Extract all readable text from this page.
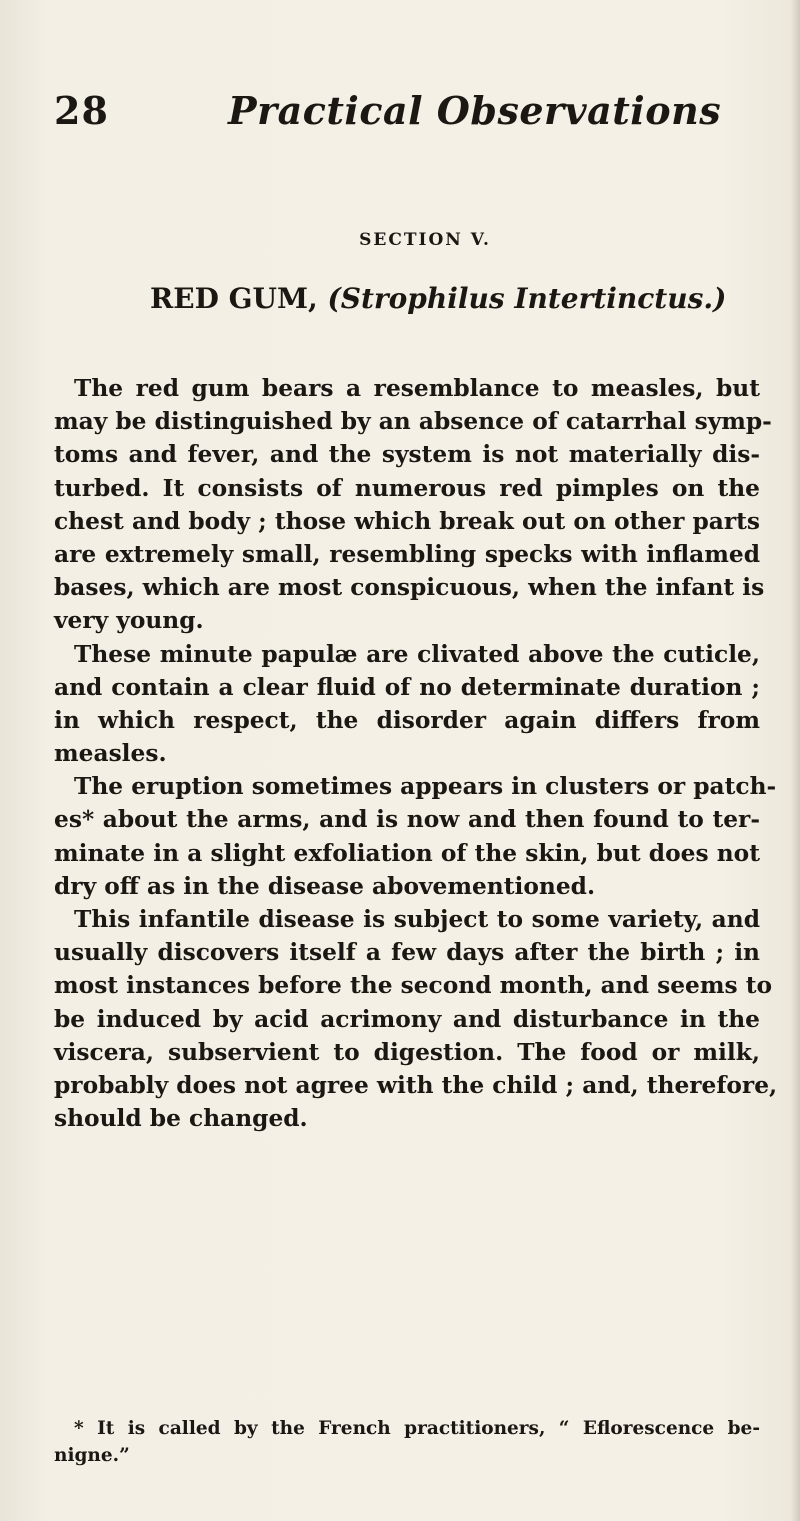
28	Practical Observations
SECTION V.
RED GUM, (Strophilus Intertinctus.)
The red gum bears a resemblance to measles, but
may be distinguished by an absence of catarrhal symp-
toms and fever, and the system is not materially dis-
turbed. It consists of numerous red pimples on the
chest and body ; those which break out on other parts
are extremely small, resembling specks with inflamed
bases, which are most conspicuous, when the infant is
very young.
These minute papulæ are clivated above the cuticle,
and contain a clear fluid of no determinate duration ;
in which respect, the disorder again differs from
measles.
The eruption sometimes appears in clusters or patch-
es* about the arms, and is now and then found to ter-
minate in a slight exfoliation of the skin, but does not
dry off as in the disease abovementioned.
This infantile disease is subject to some variety, and
usually discovers itself a few days after the birth ; in
most instances before the second month, and seems to
be induced by acid acrimony and disturbance in the
viscera, subservient to digestion. The food or milk,
probably does not agree with the child ; and, therefore,
should be changed.
* It is called by the French practitioners, “ Eflorescence be-
nigne.”
